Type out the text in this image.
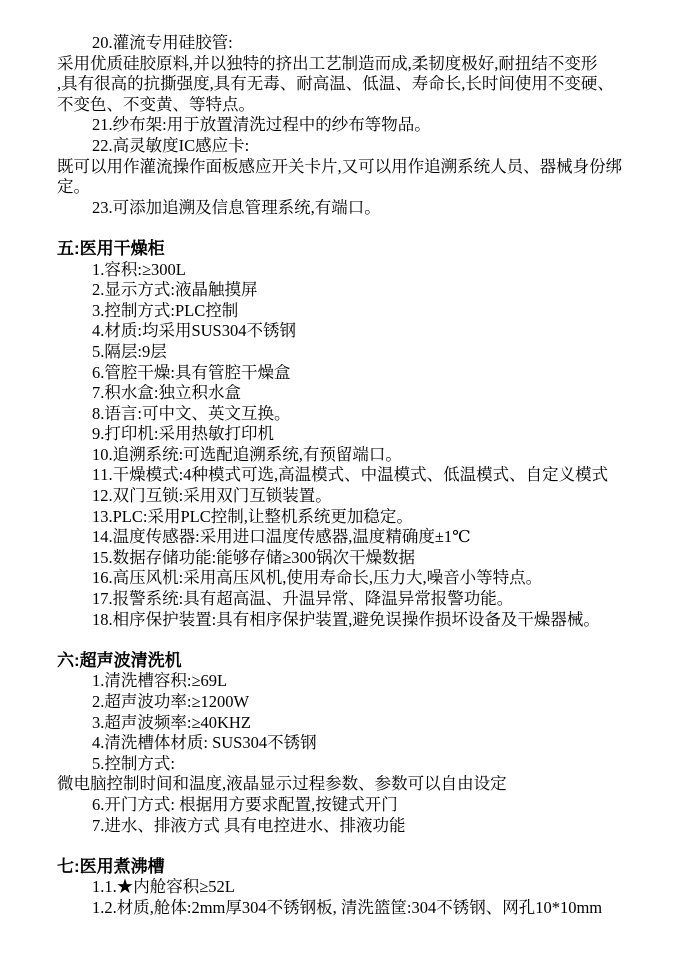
20.灌流专用硅胶管:
采用优质硅胶原料,并以独特的挤出工艺制造而成,柔韧度极好,耐扭结不变形
,具有很高的抗撕强度,具有无毒、耐高温、低温、寿命长,长时间使用不变硬、
不变色、不变黄、等特点。
21.纱布架:用于放置清洗过程中的纱布等物品。
22.高灵敏度IC感应卡:
既可以用作灌流操作面板感应开关卡片,又可以用作追溯系统人员、器械身份绑
定。
23.可添加追溯及信息管理系统,有端口。
五:医用干燥柜
1.容积:≥300L
2.显示方式:液晶触摸屏
3.控制方式:PLC控制
4.材质:均采用SUS304不锈钢
5.隔层:9层
6.管腔干燥:具有管腔干燥盒
7.积水盒:独立积水盒
8.语言:可中文、英文互换。
9.打印机:采用热敏打印机
10.追溯系统:可选配追溯系统,有预留端口。
11.干燥模式:4种模式可选,高温模式、中温模式、低温模式、自定义模式
12.双门互锁:采用双门互锁装置。
13.PLC:采用PLC控制,让整机系统更加稳定。
14.温度传感器:采用进口温度传感器,温度精确度±1℃
15.数据存储功能:能够存储≥300锅次干燥数据
16.高压风机:采用高压风机,使用寿命长,压力大,噪音小等特点。
17.报警系统:具有超高温、升温异常、降温异常报警功能。
18.相序保护装置:具有相序保护装置,避免误操作损坏设备及干燥器械。
六:超声波清洗机
1.清洗槽容积:≥69L
2.超声波功率:≥1200W
3.超声波频率:≥40KHZ
4.清洗槽体材质: SUS304不锈钢
5.控制方式:
微电脑控制时间和温度,液晶显示过程参数、参数可以自由设定
6.开门方式: 根据用方要求配置,按键式开门
7.进水、排液方式 具有电控进水、排液功能
七:医用煮沸槽
1.1.★内舱容积≥52L
1.2.材质,舱体:2mm厚304不锈钢板, 清洗篮筐:304不锈钢、网孔10*10mm
